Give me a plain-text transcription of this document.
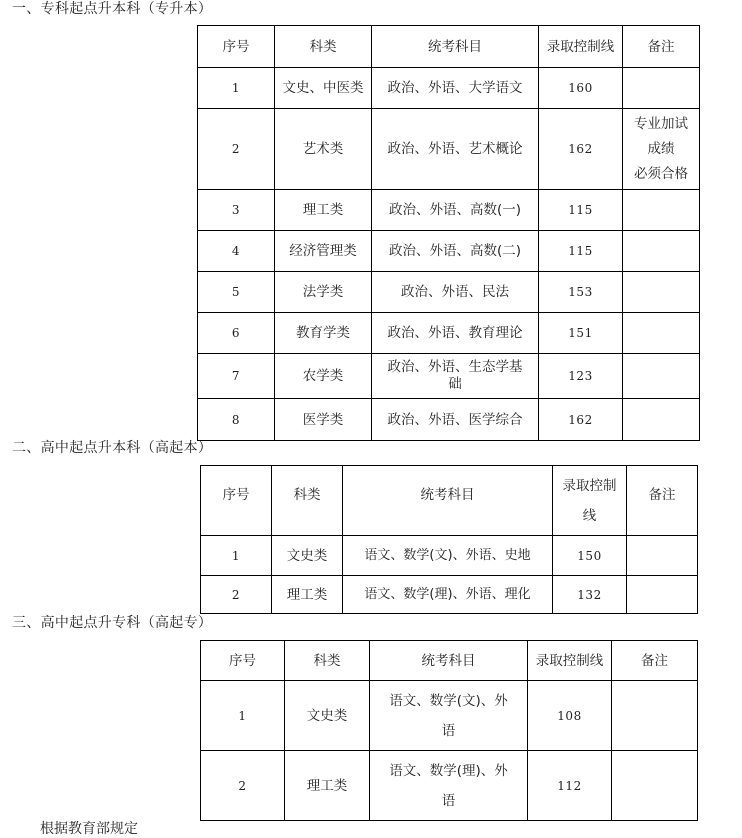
一、专科起点升本科（专升本）
序号	科类	统考科目	录取控制线	备注
1	文史、中医类	政治、外语、大学语文	160	
2	艺术类	政治、外语、艺术概论	162	专业加试
成绩
必须合格

3	理工类	政治、外语、高数(一)	115	
4	经济管理类	政治、外语、高数(二)	115	
5	法学类	政治、外语、民法	153	
6	教育学类	政治、外语、教育理论	151	
7	农学类	政治、外语、生态学基
础	123	
8	医学类	政治、外语、医学综合	162	
二、高中起点升本科（高起本）
序号	科类	统考科目	录取控制
线	备注
1	文史类	语文、数学(文)、外语、史地	150	
2	理工类	语文、数学(理)、外语、理化	132	
三、高中起点升专科（高起专）
序号	科类	统考科目	录取控制线	备注
1	文史类	语文、数学(文)、外
语	108	
2	理工类	语文、数学(理)、外
语	112	
根据教育部规定
